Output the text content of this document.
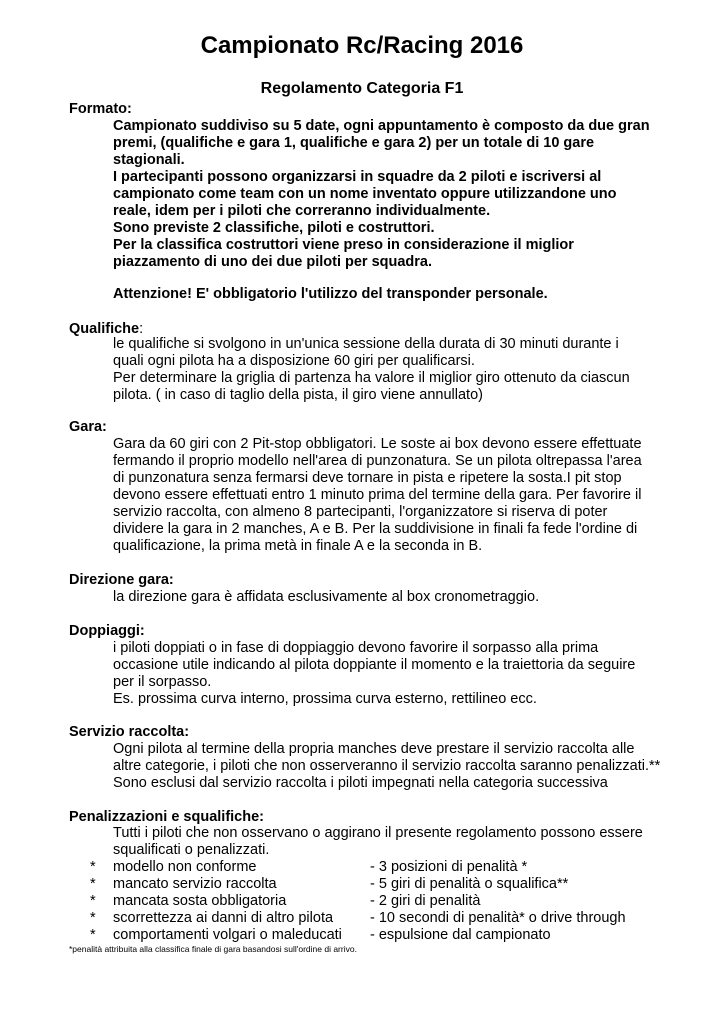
Campionato Rc/Racing 2016
Regolamento Categoria F1
Formato:
Campionato suddiviso su 5 date, ogni appuntamento è composto da due gran
premi, (qualifiche e gara 1, qualifiche e gara 2) per un totale di 10 gare
stagionali.
I partecipanti possono organizzarsi in squadre da 2 piloti e iscriversi al
campionato come team con un nome inventato oppure utilizzandone uno
reale, idem per i piloti che correranno individualmente.
Sono previste 2 classifiche, piloti e costruttori.
Per la classifica costruttori viene preso in considerazione il miglior
piazzamento di uno dei due piloti per squadra.
Attenzione! E' obbligatorio l'utilizzo del transponder personale.
Qualifiche:
le qualifiche si svolgono in un'unica sessione della durata di 30 minuti durante i
quali ogni pilota ha a disposizione 60 giri per qualificarsi.
Per determinare la griglia di partenza ha valore il miglior giro ottenuto da ciascun
pilota. ( in caso di taglio della pista, il giro viene annullato)
Gara:
Gara da 60 giri con 2 Pit-stop obbligatori. Le soste ai box devono essere effettuate
fermando il proprio modello nell'area di punzonatura. Se un pilota oltrepassa l'area
di punzonatura senza fermarsi deve tornare in pista e ripetere la sosta.I pit stop
devono essere effettuati entro 1 minuto prima del termine della gara. Per favorire il
servizio raccolta, con almeno 8 partecipanti, l'organizzatore si riserva di poter
dividere la gara in 2 manches, A e B. Per la suddivisione in finali fa fede l'ordine di
qualificazione, la prima metà in finale A e la seconda in B.
Direzione gara:
la direzione gara è affidata esclusivamente al box cronometraggio.
Doppiaggi:
i piloti doppiati o in fase di doppiaggio devono favorire il sorpasso alla prima
occasione utile indicando al pilota doppiante il momento e la traiettoria da seguire
per il sorpasso.
Es. prossima curva interno, prossima curva esterno, rettilineo ecc.
Servizio raccolta:
Ogni pilota al termine della propria manches deve prestare il servizio raccolta alle
altre categorie, i piloti che non osserveranno il servizio raccolta saranno penalizzati.**
Sono esclusi dal servizio raccolta i piloti impegnati nella categoria successiva
Penalizzazioni e squalifiche:
Tutti i piloti che non osservano o aggirano il presente regolamento possono essere
squalificati o penalizzati.
* modello non conforme	- 3 posizioni di penalità *
* mancato servizio raccolta	- 5 giri di penalità o squalifica**
* mancata sosta obbligatoria	- 2 giri di penalità
* scorrettezza ai danni di altro pilota	- 10 secondi di penalità* o drive through
* comportamenti volgari o maleducati - espulsione dal campionato
*penalità attribuita alla classifica finale di gara basandosi sull'ordine di arrivo.
